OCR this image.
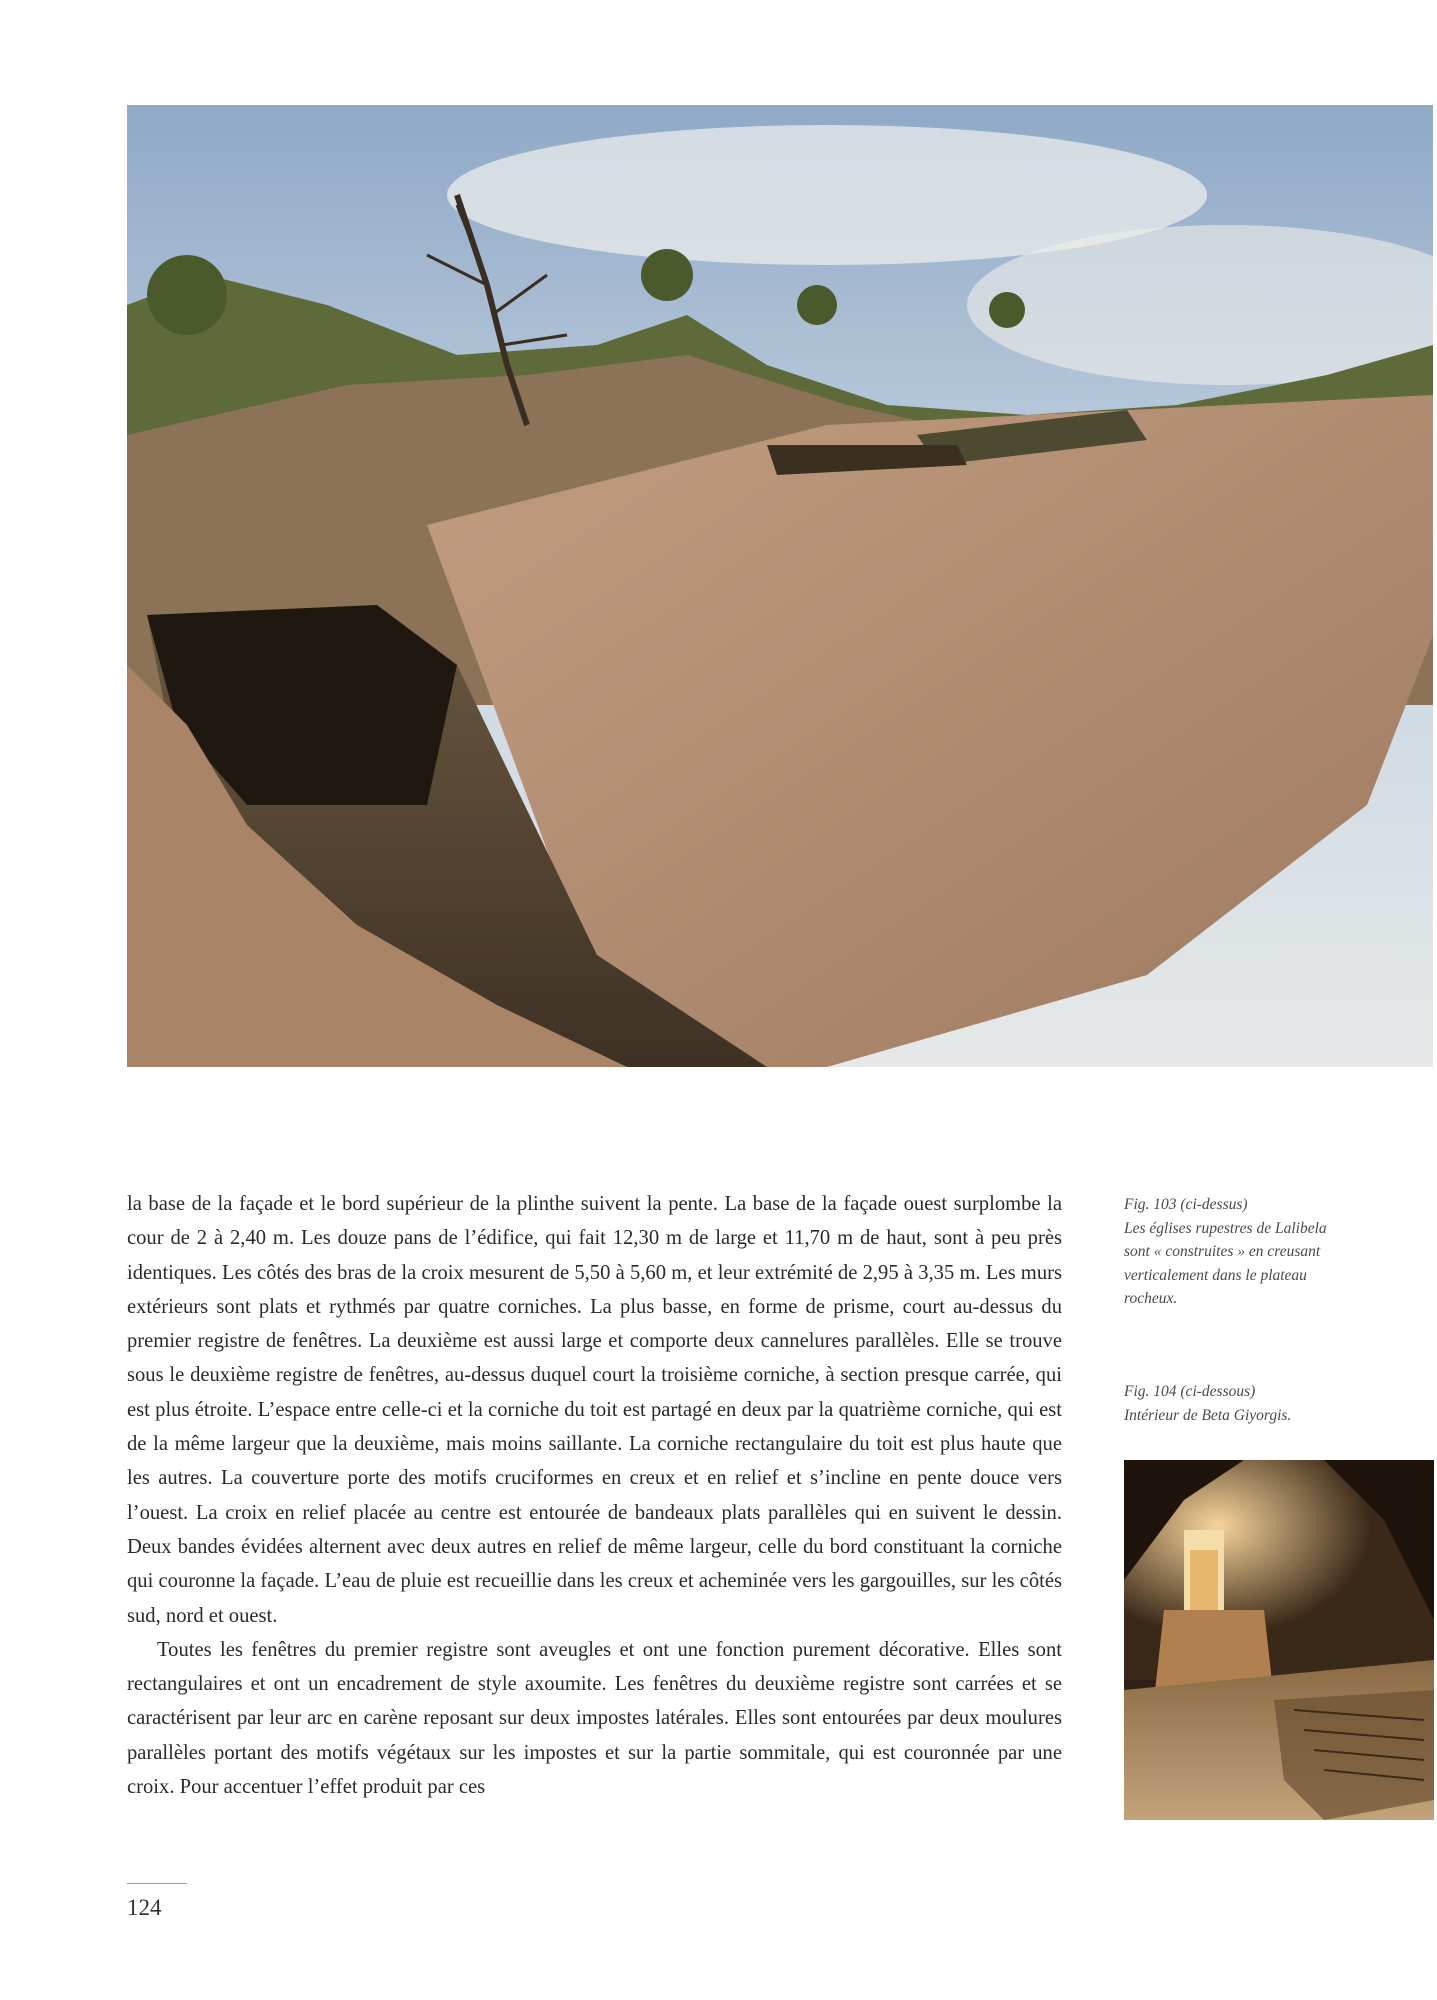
la base de la façade et le bord supérieur de la plinthe suivent la pente. La base de la façade ouest surplombe la cour de 2 à 2,40 m. Les douze pans de l’édifice, qui fait 12,30 m de large et 11,70 m de haut, sont à peu près identiques. Les côtés des bras de la croix mesurent de 5,50 à 5,60 m, et leur extrémité de 2,95 à 3,35 m. Les murs extérieurs sont plats et rythmés par quatre corniches. La plus basse, en forme de prisme, court au-dessus du premier registre de fenêtres. La deuxième est aussi large et comporte deux cannelures parallèles. Elle se trouve sous le deuxième registre de fenêtres, au-dessus duquel court la troisième corniche, à section presque carrée, qui est plus étroite. L’espace entre celle-ci et la corniche du toit est partagé en deux par la quatrième corniche, qui est de la même largeur que la deuxième, mais moins saillante. La corniche rectangulaire du toit est plus haute que les autres. La couverture porte des motifs cruciformes en creux et en relief et s’incline en pente douce vers l’ouest. La croix en relief placée au centre est entourée de bandeaux plats parallèles qui en suivent le dessin. Deux bandes évidées alternent avec deux autres en relief de même largeur, celle du bord constituant la corniche qui couronne la façade. L’eau de pluie est recueillie dans les creux et acheminée vers les gargouilles, sur les côtés sud, nord et ouest.

Toutes les fenêtres du premier registre sont aveugles et ont une fonction purement décorative. Elles sont rectangulaires et ont un encadrement de style axoumite. Les fenêtres du deuxième registre sont carrées et se caractérisent par leur arc en carène reposant sur deux impostes latérales. Elles sont entourées par deux moulures parallèles portant des motifs végétaux sur les impostes et sur la partie sommitale, qui est couronnée par une croix. Pour accentuer l’effet produit par ces

Fig. 103 (ci-dessus)
Les églises rupestres de Lalibela sont « construites » en creusant verticalement dans le plateau rocheux.
Fig. 104 (ci-dessous)
Intérieur de Beta Giyorgis.
124
